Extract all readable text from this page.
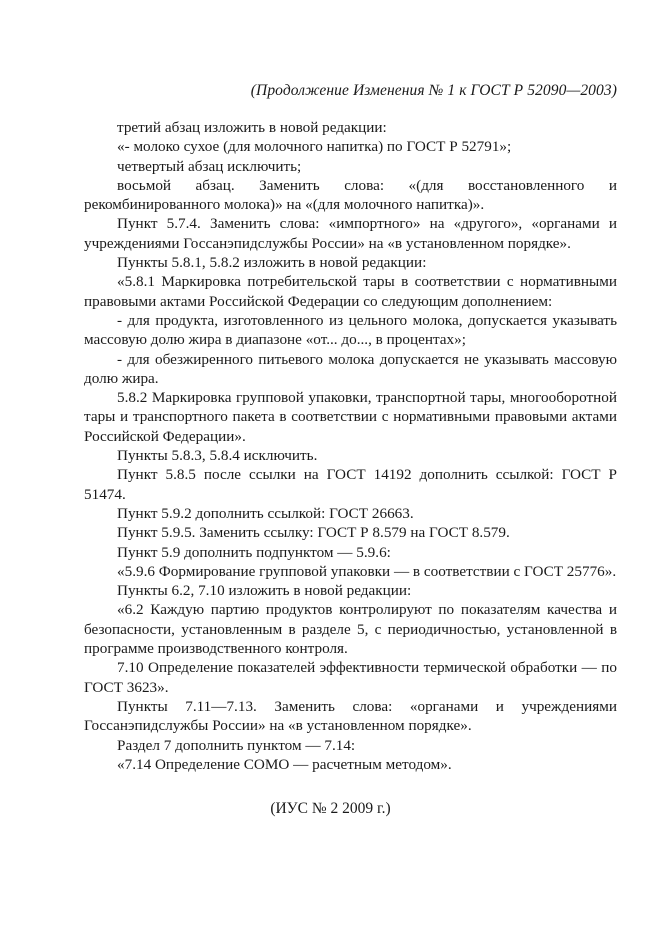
(Продолжение Изменения № 1 к ГОСТ Р 52090—2003)

третий абзац изложить в новой редакции:

«- молоко сухое (для молочного напитка) по ГОСТ Р 52791»;

четвертый абзац исключить;

восьмой абзац. Заменить слова: «(для восстановленного и рекомбинированного молока)» на «(для молочного напитка)».

Пункт 5.7.4. Заменить слова: «импортного» на «другого», «органами и учреждениями Госсанэпидслужбы России» на «в установленном порядке».

Пункты 5.8.1, 5.8.2 изложить в новой редакции:

«5.8.1 Маркировка потребительской тары в соответствии с нормативными правовыми актами Российской Федерации со следующим дополнением:

- для продукта, изготовленного из цельного молока, допускается указывать массовую долю жира в диапазоне «от... до..., в процентах»;

- для обезжиренного питьевого молока допускается не указывать массовую долю жира.

5.8.2 Маркировка групповой упаковки, транспортной тары, многооборотной тары и транспортного пакета в соответствии с нормативными правовыми актами Российской Федерации».

Пункты 5.8.3, 5.8.4 исключить.

Пункт 5.8.5 после ссылки на ГОСТ 14192 дополнить ссылкой: ГОСТ Р 51474.

Пункт 5.9.2 дополнить ссылкой: ГОСТ 26663.

Пункт 5.9.5. Заменить ссылку: ГОСТ Р 8.579 на ГОСТ 8.579.

Пункт 5.9 дополнить подпунктом — 5.9.6:

«5.9.6 Формирование групповой упаковки — в соответствии с ГОСТ 25776».

Пункты 6.2, 7.10 изложить в новой редакции:

«6.2 Каждую партию продуктов контролируют по показателям качества и безопасности, установленным в разделе 5, с периодичностью, установленной в программе производственного контроля.

7.10 Определение показателей эффективности термической обработки — по ГОСТ 3623».

Пункты 7.11—7.13. Заменить слова: «органами и учреждениями Госсанэпидслужбы России» на «в установленном порядке».

Раздел 7 дополнить пунктом — 7.14:

«7.14 Определение СОМО — расчетным методом».

(ИУС № 2 2009 г.)
